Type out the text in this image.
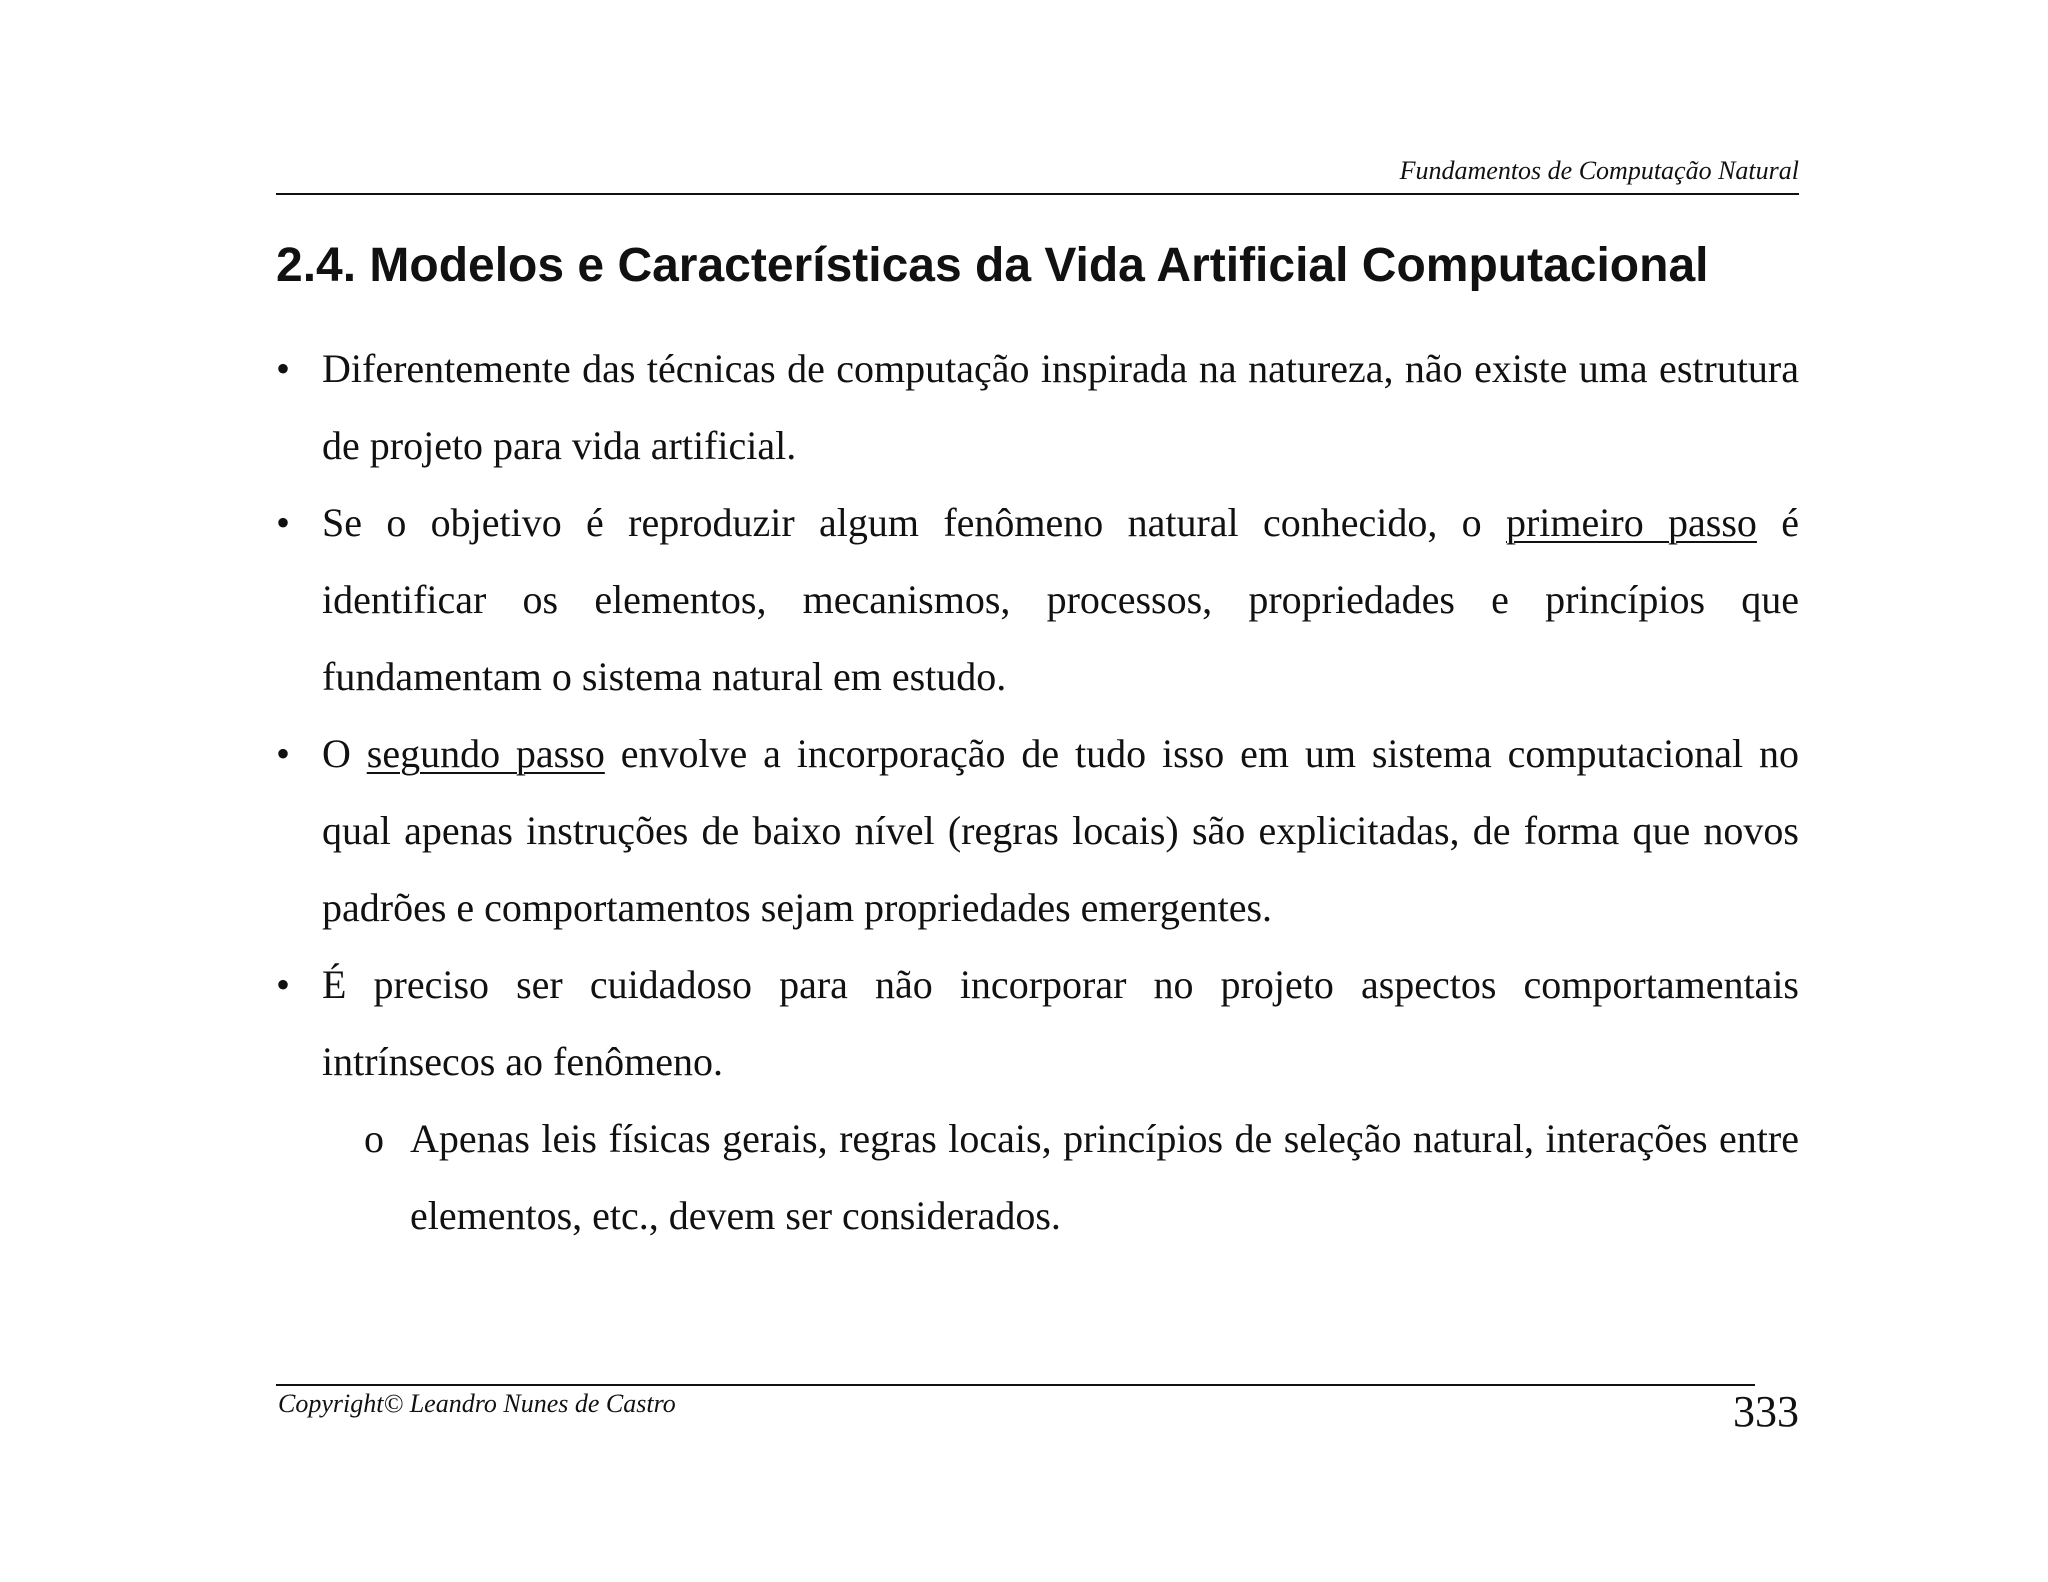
Fundamentos de Computação Natural
2.4. Modelos e Características da Vida Artificial Computacional
• Diferentemente das técnicas de computação inspirada na natureza, não existe uma estrutura de projeto para vida artificial.
• Se o objetivo é reproduzir algum fenômeno natural conhecido, o primeiro passo é identificar os elementos, mecanismos, processos, propriedades e princípios que fundamentam o sistema natural em estudo.
• O segundo passo envolve a incorporação de tudo isso em um sistema computacional no qual apenas instruções de baixo nível (regras locais) são explicitadas, de forma que novos padrões e comportamentos sejam propriedades emergentes.
• É preciso ser cuidadoso para não incorporar no projeto aspectos comportamentais intrínsecos ao fenômeno.
o Apenas leis físicas gerais, regras locais, princípios de seleção natural, interações entre elementos, etc., devem ser considerados.
Copyright© Leandro Nunes de Castro	333
